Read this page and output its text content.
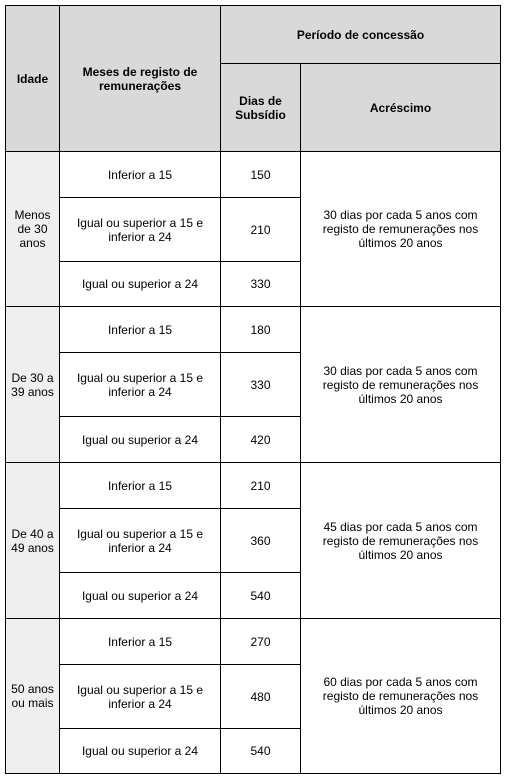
Idade	Meses de registo de remunerações	Período de concessão	
		Dias de Subsídio	Acréscimo
Menos de 30 anos	Inferior a 15	150	30 dias por cada 5 anos com registo de remunerações nos últimos 20 anos
	Igual ou superior a 15 e inferior a 24	210	
	Igual ou superior a 24	330	
De 30 a 39 anos	Inferior a 15	180	30 dias por cada 5 anos com registo de remunerações nos últimos 20 anos
	Igual ou superior a 15 e inferior a 24	330	
	Igual ou superior a 24	420	
De 40 a 49 anos	Inferior a 15	210	45 dias por cada 5 anos com registo de remunerações nos últimos 20 anos
	Igual ou superior a 15 e inferior a 24	360	
	Igual ou superior a 24	540	
50 anos ou mais	Inferior a 15	270	60 dias por cada 5 anos com registo de remunerações nos últimos 20 anos
	Igual ou superior a 15 e inferior a 24	480	
	Igual ou superior a 24	540	
